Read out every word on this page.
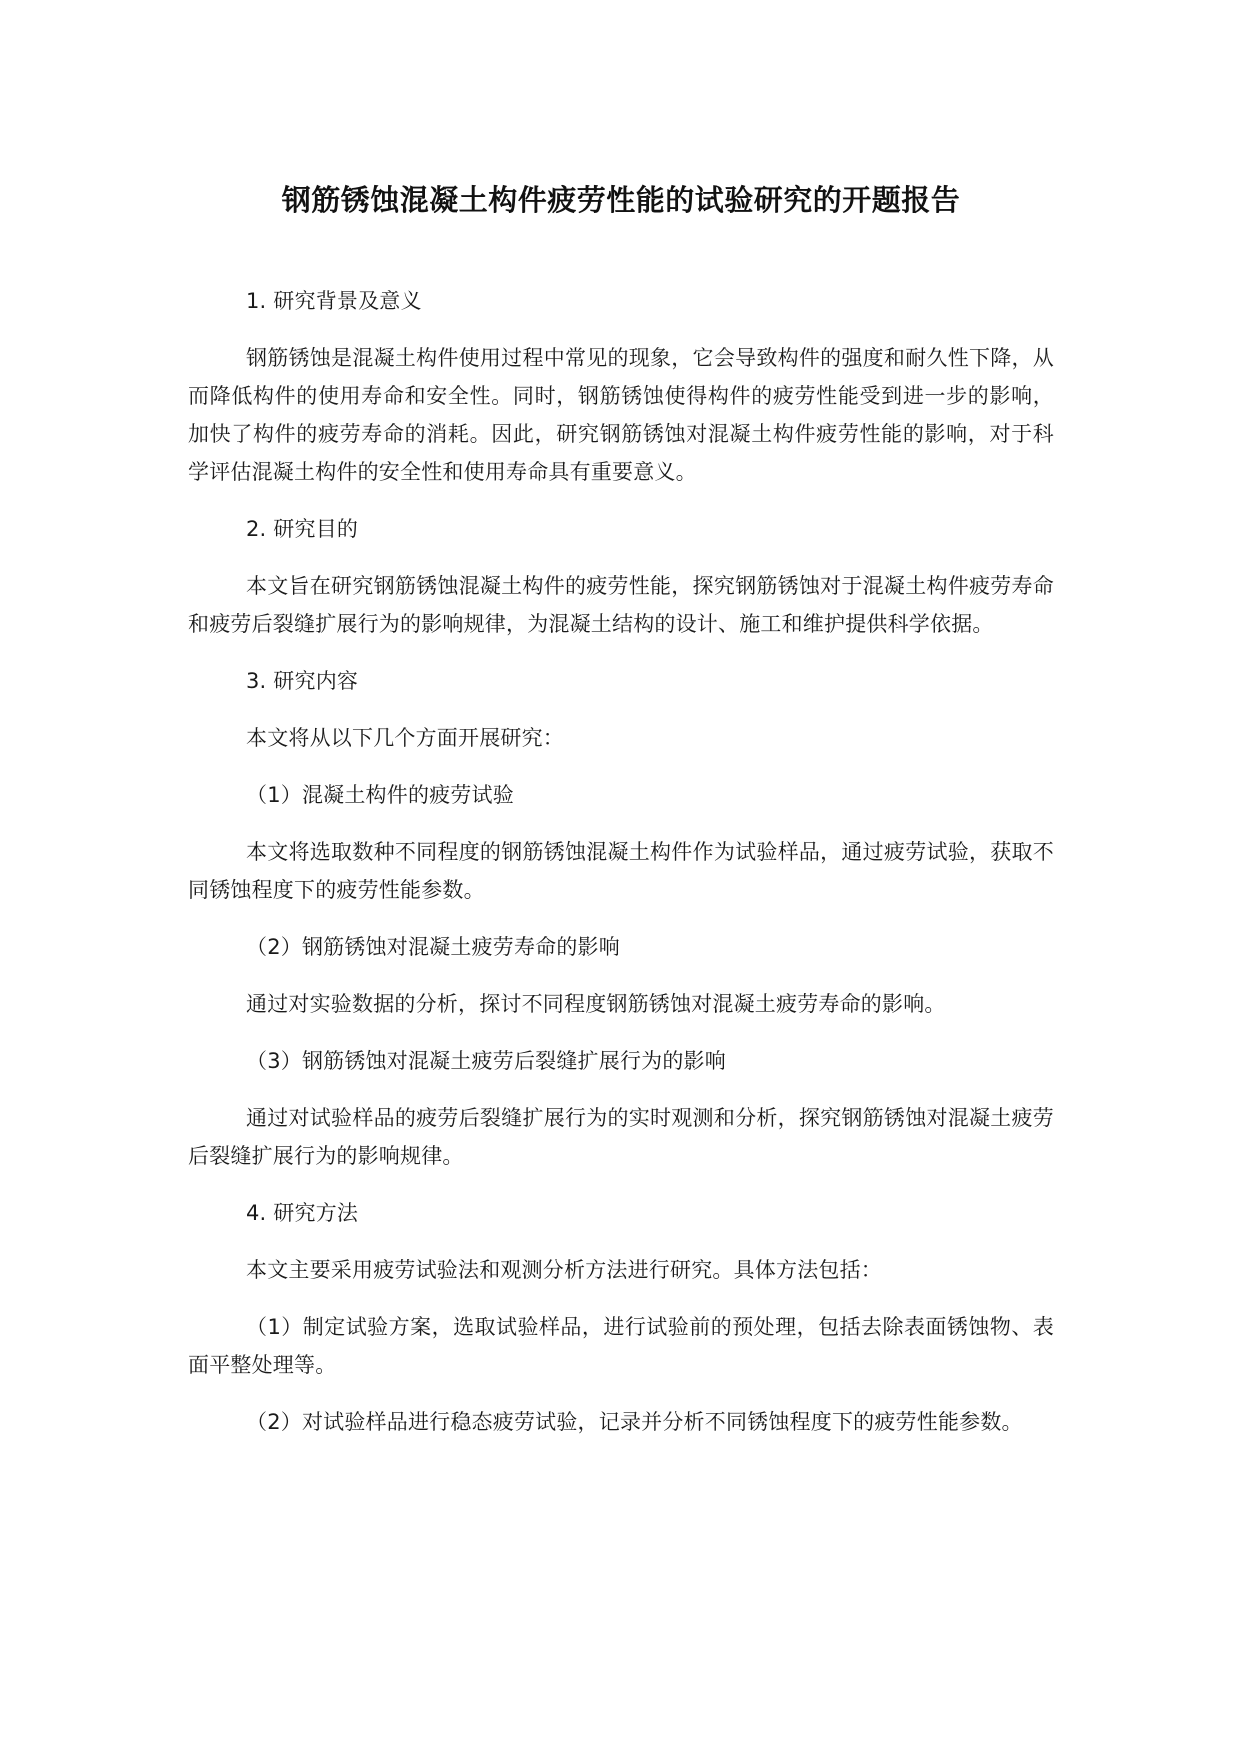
钢筋锈蚀混凝土构件疲劳性能的试验研究的开题报告

1. 研究背景及意义

钢筋锈蚀是混凝土构件使用过程中常见的现象，它会导致构件的强度和耐久性下降，从而降低构件的使用寿命和安全性。同时，钢筋锈蚀使得构件的疲劳性能受到进一步的影响，加快了构件的疲劳寿命的消耗。因此，研究钢筋锈蚀对混凝土构件疲劳性能的影响，对于科学评估混凝土构件的安全性和使用寿命具有重要意义。

2. 研究目的

本文旨在研究钢筋锈蚀混凝土构件的疲劳性能，探究钢筋锈蚀对于混凝土构件疲劳寿命和疲劳后裂缝扩展行为的影响规律，为混凝土结构的设计、施工和维护提供科学依据。

3. 研究内容

本文将从以下几个方面开展研究：

（1）混凝土构件的疲劳试验

本文将选取数种不同程度的钢筋锈蚀混凝土构件作为试验样品，通过疲劳试验，获取不同锈蚀程度下的疲劳性能参数。

（2）钢筋锈蚀对混凝土疲劳寿命的影响

通过对实验数据的分析，探讨不同程度钢筋锈蚀对混凝土疲劳寿命的影响。

（3）钢筋锈蚀对混凝土疲劳后裂缝扩展行为的影响

通过对试验样品的疲劳后裂缝扩展行为的实时观测和分析，探究钢筋锈蚀对混凝土疲劳后裂缝扩展行为的影响规律。

4. 研究方法

本文主要采用疲劳试验法和观测分析方法进行研究。具体方法包括：

（1）制定试验方案，选取试验样品，进行试验前的预处理，包括去除表面锈蚀物、表面平整处理等。

（2）对试验样品进行稳态疲劳试验，记录并分析不同锈蚀程度下的疲劳性能参数。
